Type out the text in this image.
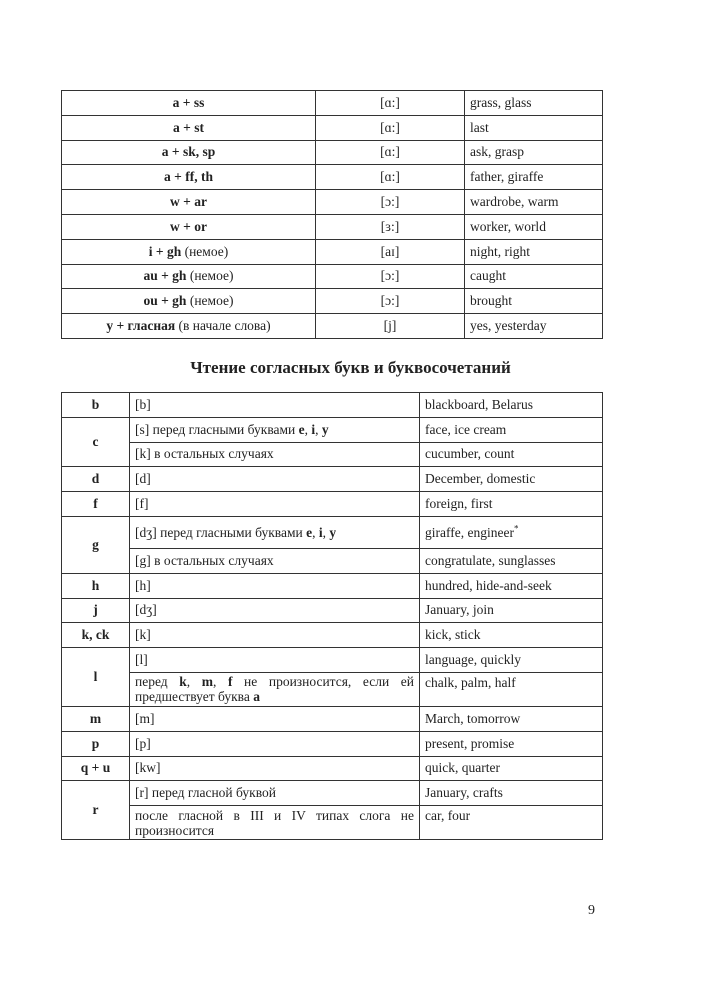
a + ss	[ɑ:]	grass, glass
a + st	[ɑ:]	last
a + sk, sp	[ɑ:]	ask, grasp
a + ff, th	[ɑ:]	father, giraffe
w + ar	[ɔ:]	wardrobe, warm
w + or	[ɜ:]	worker, world
i + gh (немое)	[aɪ]	night, right
au + gh (немое)	[ɔ:]	caught
ou + gh (немое)	[ɔ:]	brought
y + гласная (в начале слова)	[j]	yes, yesterday
Чтение согласных букв и буквосочетаний
b	[b]	blackboard, Belarus
c	[s] перед гласными буквами e, i, y	face, ice cream
	[k] в остальных случаях	cucumber, count
d	[d]	December, domestic
f	[f]	foreign, first
g	[dʒ] перед гласными буквами e, i, y	giraffe, engineer*
	[g] в остальных случаях	congratulate, sunglasses
h	[h]	hundred, hide-and-seek
j	[dʒ]	January, join
k, ck	[k]	kick, stick
l	[l]	language, quickly
	перед k, m, f не произносится, если ей предшествует буква a	chalk, palm, half
m	[m]	March, tomorrow
p	[p]	present, promise
q + u	[kw]	quick, quarter
r	[r] перед гласной буквой	January, crafts
	после гласной в III и IV типах слога не произносится	car, four
9
